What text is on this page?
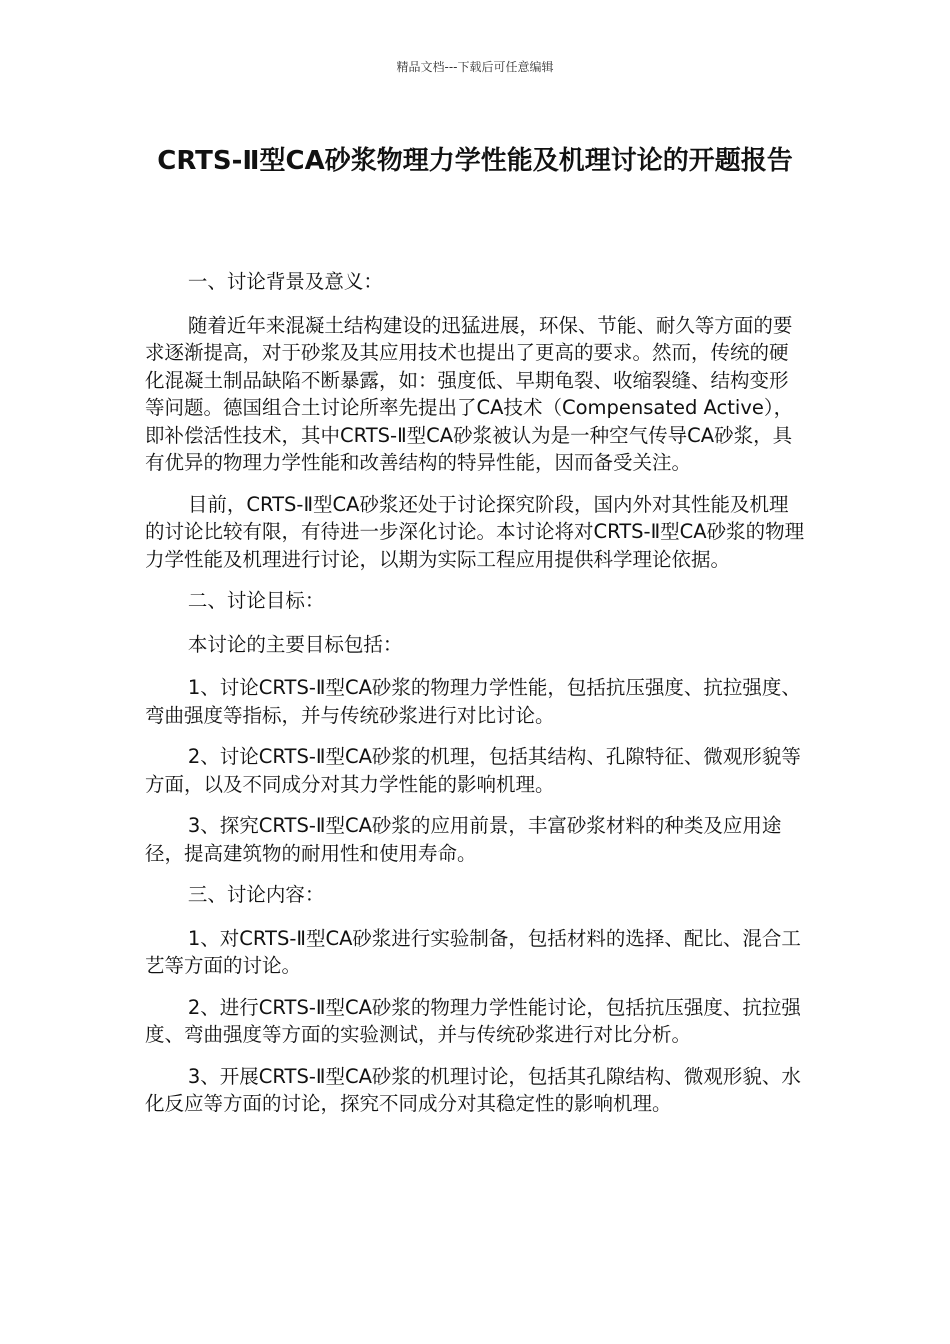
精品文档---下载后可任意编辑
CRTS-Ⅱ型CA砂浆物理力学性能及机理讨论的开题报告

一、讨论背景及意义：

随着近年来混凝土结构建设的迅猛进展，环保、节能、耐久等方面的要求逐渐提高，对于砂浆及其应用技术也提出了更高的要求。然而，传统的硬化混凝土制品缺陷不断暴露，如：强度低、早期龟裂、收缩裂缝、结构变形等问题。德国组合土讨论所率先提出了CA技术（Compensated Active），即补偿活性技术，其中CRTS-Ⅱ型CA砂浆被认为是一种空气传导CA砂浆，具有优异的物理力学性能和改善结构的特异性能，因而备受关注。

目前，CRTS-Ⅱ型CA砂浆还处于讨论探究阶段，国内外对其性能及机理的讨论比较有限，有待进一步深化讨论。本讨论将对CRTS-Ⅱ型CA砂浆的物理力学性能及机理进行讨论，以期为实际工程应用提供科学理论依据。

二、讨论目标：

本讨论的主要目标包括：

1、讨论CRTS-Ⅱ型CA砂浆的物理力学性能，包括抗压强度、抗拉强度、弯曲强度等指标，并与传统砂浆进行对比讨论。

2、讨论CRTS-Ⅱ型CA砂浆的机理，包括其结构、孔隙特征、微观形貌等方面，以及不同成分对其力学性能的影响机理。

3、探究CRTS-Ⅱ型CA砂浆的应用前景，丰富砂浆材料的种类及应用途径，提高建筑物的耐用性和使用寿命。

三、讨论内容：

1、对CRTS-Ⅱ型CA砂浆进行实验制备，包括材料的选择、配比、混合工艺等方面的讨论。

2、进行CRTS-Ⅱ型CA砂浆的物理力学性能讨论，包括抗压强度、抗拉强度、弯曲强度等方面的实验测试，并与传统砂浆进行对比分析。

3、开展CRTS-Ⅱ型CA砂浆的机理讨论，包括其孔隙结构、微观形貌、水化反应等方面的讨论，探究不同成分对其稳定性的影响机理。
